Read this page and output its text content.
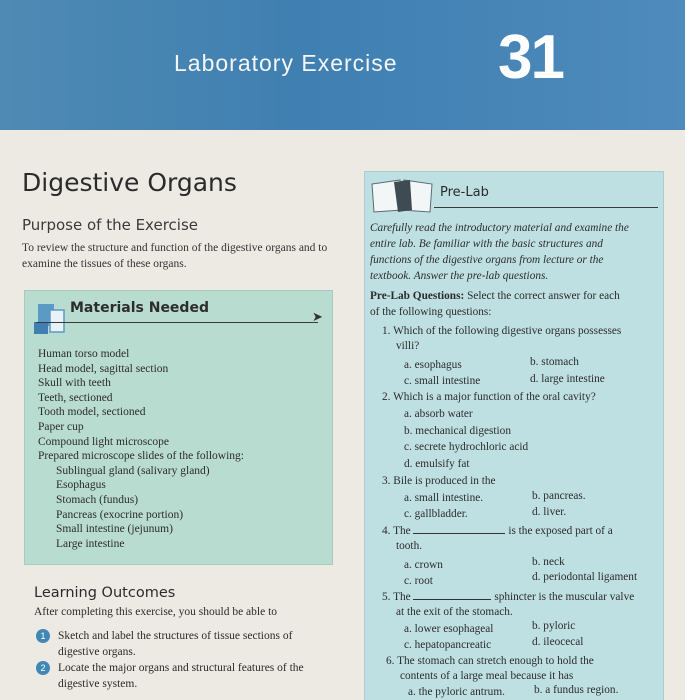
Laboratory Exercise 31
Digestive Organs
Purpose of the Exercise
To review the structure and function of the digestive organs and to examine the tissues of these organs.
Materials Needed
➤
Human torso model
Head model, sagittal section
Skull with teeth
Teeth, sectioned
Tooth model, sectioned
Paper cup
Compound light microscope
Prepared microscope slides of the following:
Sublingual gland (salivary gland)
Esophagus
Stomach (fundus)
Pancreas (exocrine portion)
Small intestine (jejunum)
Large intestine
Learning Outcomes
After completing this exercise, you should be able to
1	Sketch and label the structures of tissue sections of
digestive organs.
2	Locate the major organs and structural features of the
digestive system.
Pre-Lab
Carefully read the introductory material and examine the
entire lab. Be familiar with the basic structures and
functions of the digestive organs from lecture or the
textbook. Answer the pre-lab questions.
Pre-Lab Questions: Select the correct answer for each
of the following questions:
1. Which of the following digestive organs possesses
villi?
a. esophagus	b. stomach
c. small intestine	d. large intestine
2. Which is a major function of the oral cavity?
a. absorb water
b. mechanical digestion
c. secrete hydrochloric acid
d. emulsify fat
3. Bile is produced in the
a. small intestine.	b. pancreas.
c. gallbladder.	d. liver.
4. The	is the exposed part of a
tooth.
a. crown	b. neck
c. root	d. periodontal ligament
5. The	sphincter is the muscular valve
at the exit of the stomach.
a. lower esophageal	b. pyloric
c. hepatopancreatic	d. ileocecal
6. The stomach can stretch enough to hold the
contents of a large meal because it has
a. the pyloric antrum.	b. a fundus region.
